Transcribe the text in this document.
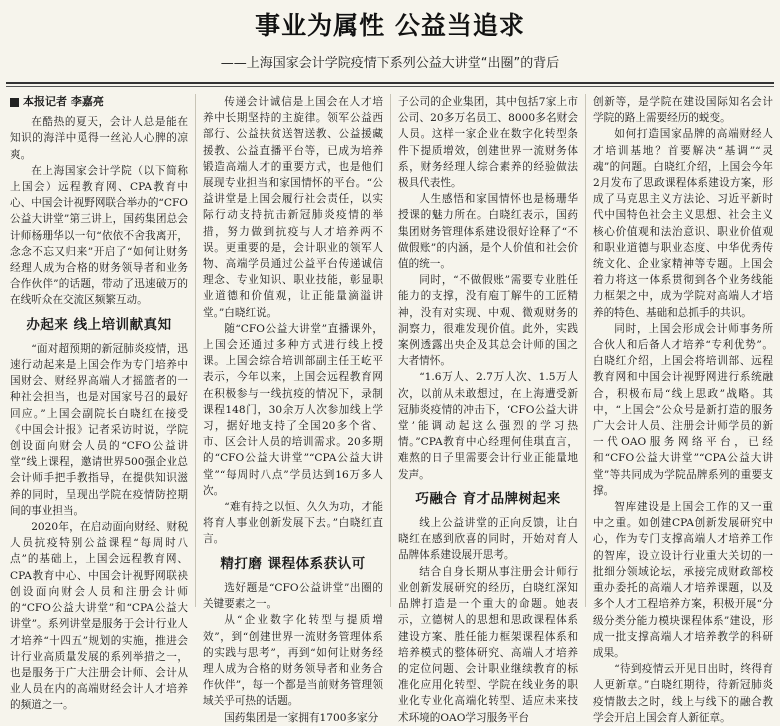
事业为属性 公益当追求
——上海国家会计学院疫情下系列公益大讲堂“出圈”的背后

本报记者 李嘉亮

在酷热的夏天，会计人总是能在知识的海洋中觅得一丝沁人心脾的凉爽。

在上海国家会计学院（以下简称上国会）远程教育网、CPA教育中心、中国会计视野网联合举办的“CFO公益大讲堂”第三讲上，国药集团总会计师杨珊华以一句“依依不舍我离开，念念不忘又归来”开启了“如何让财务经理人成为合格的财务领导者和业务合作伙伴”的话题，带动了迅速破万的在线听众在交流区频繁互动。

办起来 线上培训献真知

“面对超预期的新冠肺炎疫情，迅速行动起来是上国会作为专门培养中国财会、财经界高端人才摇篮者的一种社会担当，也是对国家号召的最好回应。”上国会副院长白晓红在接受《中国会计报》记者采访时说，学院创设面向财会人员的“CFO公益讲堂”线上课程，邀请世界500强企业总会计师手把手教指导，在提供知识滋养的同时，呈现出学院在疫情防控期间的事业担当。

2020年，在启动面向财经、财税人员抗疫特别公益课程“每周时八点”的基础上，上国会远程教育网、CPA教育中心、中国会计视野网联袂创设面向财会人员和注册会计师的“CFO公益大讲堂”和“CPA公益大讲堂”。系列讲堂是服务于会计行业人才培养“十四五”规划的实施，推进会计行业高质量发展的系列举措之一，也是服务于广大注册会计师、会计从业人员在内的高端财经会计人才培养的频道之一。

传递会计诚信是上国会在人才培养中长期坚持的主旋律。领军公益西部行、公益扶贫送智送教、公益援藏援教、公益直播平台等，已成为培养锻造高端人才的重要方式，也是他们展现专业担当和家国情怀的平台。“公益讲堂是上国会履行社会责任，以实际行动支持抗击新冠肺炎疫情的举措，努力做到抗疫与人才培养两不误。更重要的是，会计职业的领军人物、高端学员通过公益平台传递诚信理念、专业知识、职业技能，彰显职业道德和价值观，让正能量滴溢讲堂。”白晓红说。

随“CFO公益大讲堂”直播课外，上国会还通过多种方式进行线上授课。上国会综合培训部副主任王屹平表示，今年以来，上国会远程教育网在积极参与一线抗疫的情况下，录制课程148门，30余万人次参加线上学习，据好地支持了全国20多个省、市、区会计人员的培训需求。20多期的“CFO公益大讲堂”“CPA公益大讲堂”“每周时八点”学员达到16万多人次。

“难有持之以恒、久久为功，才能将育人事业创新发展下去。”白晓红直言。

精打磨 课程体系获认可

选好题是“CFO公益讲堂”出圈的关键要素之一。

从“企业数字化转型与提质增效”，到“创建世界一流财务管理体系的实践与思考”，再到“如何让财务经理人成为合格的财务领导者和业务合作伙伴”，每一个都是当前财务管理领域关乎可热的话题。

国药集团是一家拥有1700多家分

子公司的企业集团，其中包括7家上市公司、20多万名员工、8000多名财会人员。这样一家企业在数字化转型条件下提质增效，创建世界一流财务体系，财务经理人综合素养的经验做法极具代表性。

人生感悟和家国情怀也是杨珊华授课的魅力所在。白晓红表示，国药集团财务管理体系建设很好诠释了“不做假账”的内涵，是个人价值和社会价值的统一。

同时，“不做假账”需要专业胜任能力的支撑，没有庖丁解牛的工匠精神，没有对实现、中观、微观财务的洞察力，很难发现价值。此外，实践案例透露出央企及其总会计师的国之大者情怀。

“1.6万人、2.7万人次、1.5万人次，以前从未敢想过，在上海遭受新冠肺炎疫情的冲击下，‘CFO公益大讲堂’能调动起这么强烈的学习热情。”CPA教育中心经理何佳琪直言，难熬的日子里需要会计行业正能量地发声。

巧融合 育才品牌树起来

线上公益讲堂的正向反馈，让白晓红在感到欣喜的同时，开始对育人品牌体系建设展开思考。

结合自身长期从事注册会计师行业创新发展研究的经历，白晓红深知品牌打造是一个重大的命题。她表示，立德树人的思想和思政课程体系建设方案、胜任能力框架课程体系和培养模式的整体研究、高端人才培养的定位问题、会计职业继续教育的标准化应用化转型、学院在线业务的职业化专业化高端化转型、适应未来技术环境的OAO学习服务平台

创新等，是学院在建设国际知名会计学院的路上需要经历的蜕变。

如何打造国家品牌的高端财经人才培训基地？首要解决“基调”“灵魂”的问题。白晓红介绍，上国会今年2月发布了思政课程体系建设方案，形成了马克思主义方法论、习近平新时代中国特色社会主义思想、社会主义核心价值观和法治意识、职业价值观和职业道德与职业态度、中华优秀传统文化、企业家精神等专题。上国会着力将这一体系贯彻到各个业务线能力框架之中，成为学院对高端人才培养的特色、基础和总抓手的共识。

同时，上国会形成会计师事务所合伙人和后备人才培养“专利优势”。白晓红介绍，上国会将培训部、远程教育网和中国会计视野网进行系统融合，积极布局“线上思政”战略。其中，“上国会”公众号是新打造的服务广大会计人员、注册会计师学员的新一代OAO服务网络平台，已经和“CFO公益大讲堂”“CPA公益大讲堂”等共同成为学院品牌系列的重要支撑。

智库建设是上国会工作的又一重中之重。如创建CPA创新发展研究中心，作为专门支撑高端人才培养工作的智库，设立设计行业重大关切的一批细分领域论坛，承接完成财政部校重办委托的高端人才培养课题，以及多个人才工程培养方案，积极开展“分级分类分能力模块课程体系”建设，形成一批支撑高端人才培养教学的科研成果。

“待到疫情云开见日出时，终得育人更新章。”白晓红期待，待新冠肺炎疫情散去之时，线上与线下的融合教学会开启上国会育人新征章。
